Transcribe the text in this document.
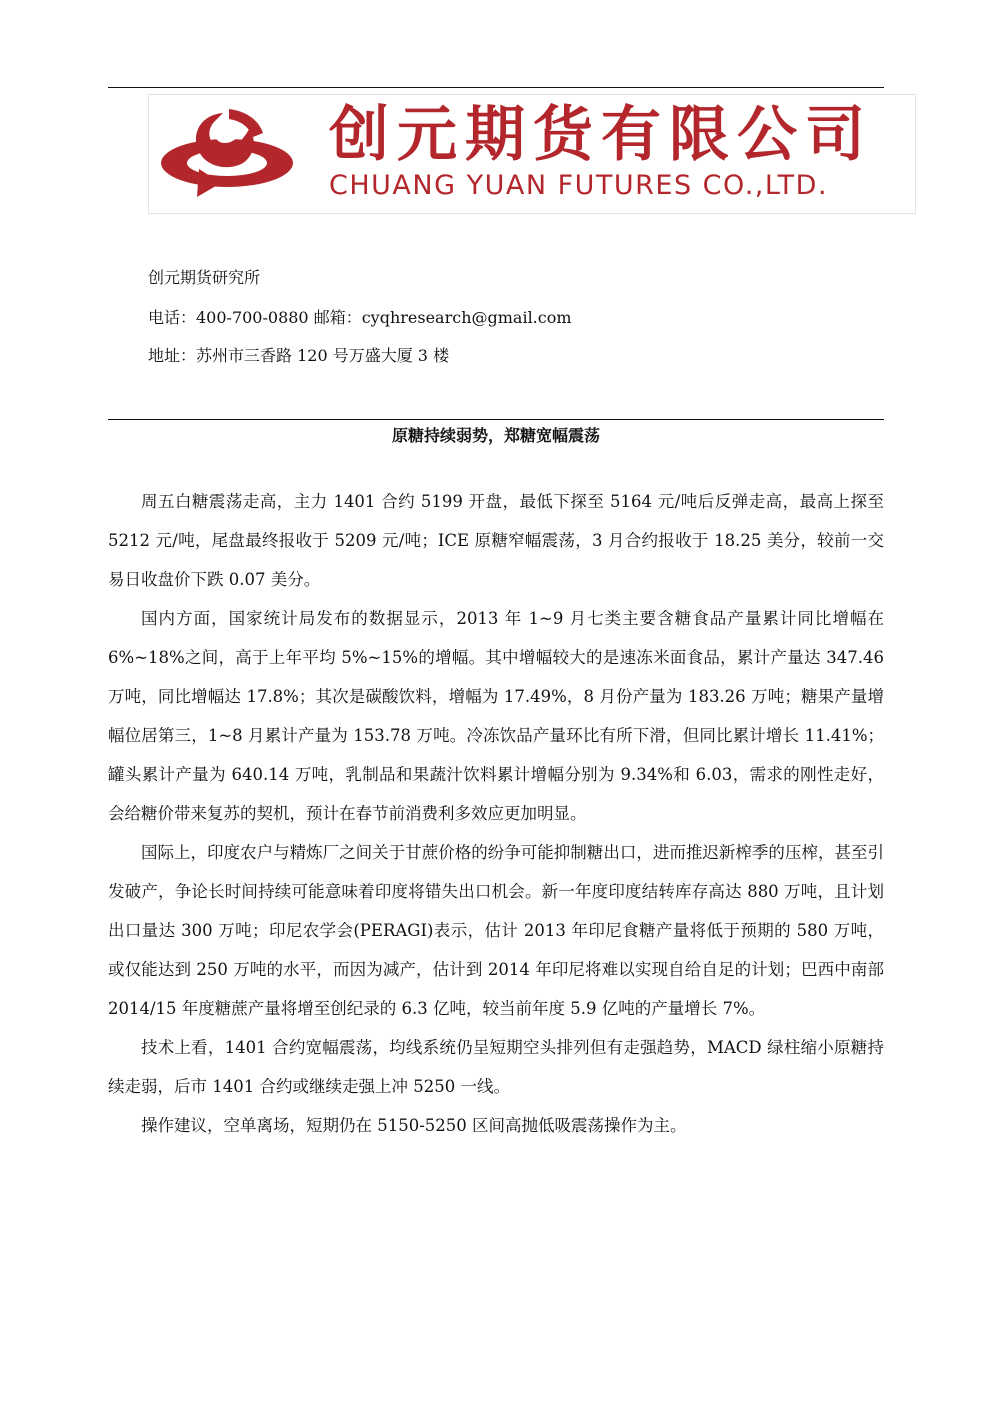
创元期货有限公司
CHUANG YUAN FUTURES CO.,LTD.
创元期货研究所
电话：400-700-0880 邮箱：cyqhresearch@gmail.com
地址：苏州市三香路 120 号万盛大厦 3 楼
原糖持续弱势，郑糖宽幅震荡

周五白糖震荡走高，主力 1401 合约 5199 开盘，最低下探至 5164 元/吨后反弹走高，最高上探至 5212 元/吨，尾盘最终报收于 5209 元/吨；ICE 原糖窄幅震荡，3 月合约报收于 18.25 美分，较前一交易日收盘价下跌 0.07 美分。

国内方面，国家统计局发布的数据显示，2013 年 1~9 月七类主要含糖食品产量累计同比增幅在 6%~18%之间，高于上年平均 5%~15%的增幅。其中增幅较大的是速冻米面食品，累计产量达 347.46 万吨，同比增幅达 17.8%；其次是碳酸饮料，增幅为 17.49%，8 月份产量为 183.26 万吨；糖果产量增幅位居第三，1~8 月累计产量为 153.78 万吨。冷冻饮品产量环比有所下滑，但同比累计增长 11.41%；罐头累计产量为 640.14 万吨，乳制品和果蔬汁饮料累计增幅分别为 9.34%和 6.03，需求的刚性走好，会给糖价带来复苏的契机，预计在春节前消费利多效应更加明显。

国际上，印度农户与精炼厂之间关于甘蔗价格的纷争可能抑制糖出口，进而推迟新榨季的压榨，甚至引发破产，争论长时间持续可能意味着印度将错失出口机会。新一年度印度结转库存高达 880 万吨，且计划出口量达 300 万吨；印尼农学会(PERAGI)表示，估计 2013 年印尼食糖产量将低于预期的 580 万吨，或仅能达到 250 万吨的水平，而因为减产，估计到 2014 年印尼将难以实现自给自足的计划；巴西中南部 2014/15 年度糖蔗产量将增至创纪录的 6.3 亿吨，较当前年度 5.9 亿吨的产量增长 7%。

技术上看，1401 合约宽幅震荡，均线系统仍呈短期空头排列但有走强趋势，MACD 绿柱缩小原糖持续走弱，后市 1401 合约或继续走强上冲 5250 一线。

操作建议，空单离场，短期仍在 5150-5250 区间高抛低吸震荡操作为主。
